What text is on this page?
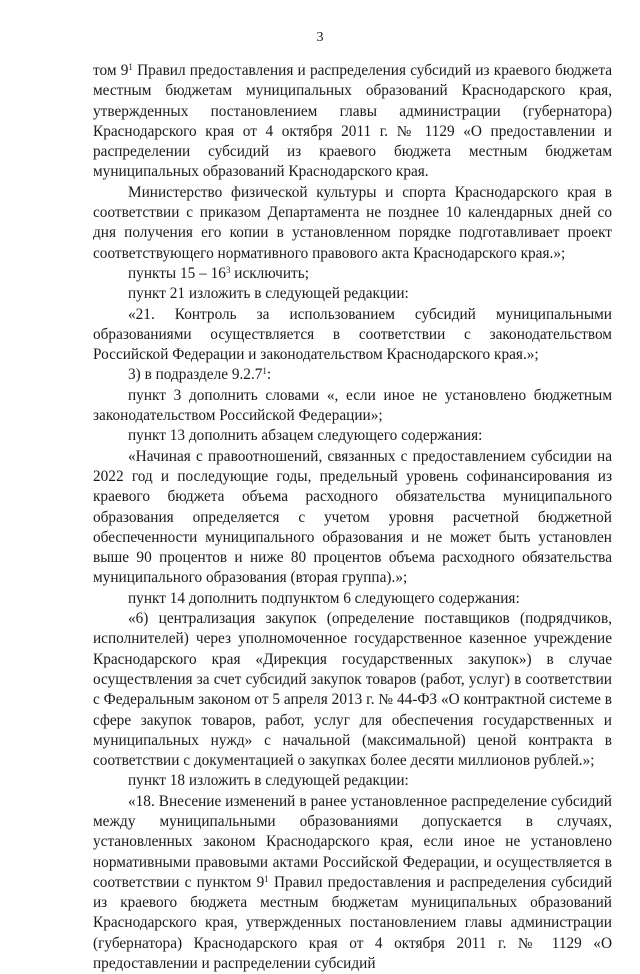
3

том $9^1$ Правил предоставления и распределения субсидий из краевого бюджета местным бюджетам муниципальных образований Краснодарского края, утвержденных постановлением главы администрации (губернатора) Краснодарского края от 4 октября 2011 г. № 1129 «О предоставлении и распределении субсидий из краевого бюджета местным бюджетам муниципальных образований Краснодарского края.

Министерство физической культуры и спорта Краснодарского края в соответствии с приказом Департамента не позднее 10 календарных дней со дня получения его копии в установленном порядке подготавливает проект соответствующего нормативного правового акта Краснодарского края.»;

пункты $15 - 16^3$ исключить;

пункт 21 изложить в следующей редакции:

«21. Контроль за использованием субсидий муниципальными образованиями осуществляется в соответствии с законодательством Российской Федерации и законодательством Краснодарского края.»;

3) в подразделе 9.2.7$^1$:

пункт 3 дополнить словами «, если иное не установлено бюджетным законодательством Российской Федерации»;

пункт 13 дополнить абзацем следующего содержания:

«Начиная с правоотношений, связанных с предоставлением субсидии на 2022 год и последующие годы, предельный уровень софинансирования из краевого бюджета объема расходного обязательства муниципального образования определяется с учетом уровня расчетной бюджетной обеспеченности муниципального образования и не может быть установлен выше 90 процентов и ниже 80 процентов объема расходного обязательства муниципального образования (вторая группа).»;

пункт 14 дополнить подпунктом 6 следующего содержания:

«6) централизация закупок (определение поставщиков (подрядчиков, исполнителей) через уполномоченное государственное казенное учреждение Краснодарского края «Дирекция государственных закупок») в случае осуществления за счет субсидий закупок товаров (работ, услуг) в соответствии с Федеральным законом от 5 апреля 2013 г. № 44-ФЗ «О контрактной системе в сфере закупок товаров, работ, услуг для обеспечения государственных и муниципальных нужд» с начальной (максимальной) ценой контракта в соответствии с документацией о закупках более десяти миллионов рублей.»;

пункт 18 изложить в следующей редакции:

«18. Внесение изменений в ранее установленное распределение субсидий между муниципальными образованиями допускается в случаях, установленных законом Краснодарского края, если иное не установлено нормативными правовыми актами Российской Федерации, и осуществляется в соответствии с пунктом $9^1$ Правил предоставления и распределения субсидий из краевого бюджета местным бюджетам муниципальных образований Краснодарского края, утвержденных постановлением главы администрации (губернатора) Краснодарского края от 4 октября 2011 г. № 1129 «О предоставлении и распределении субсидий
